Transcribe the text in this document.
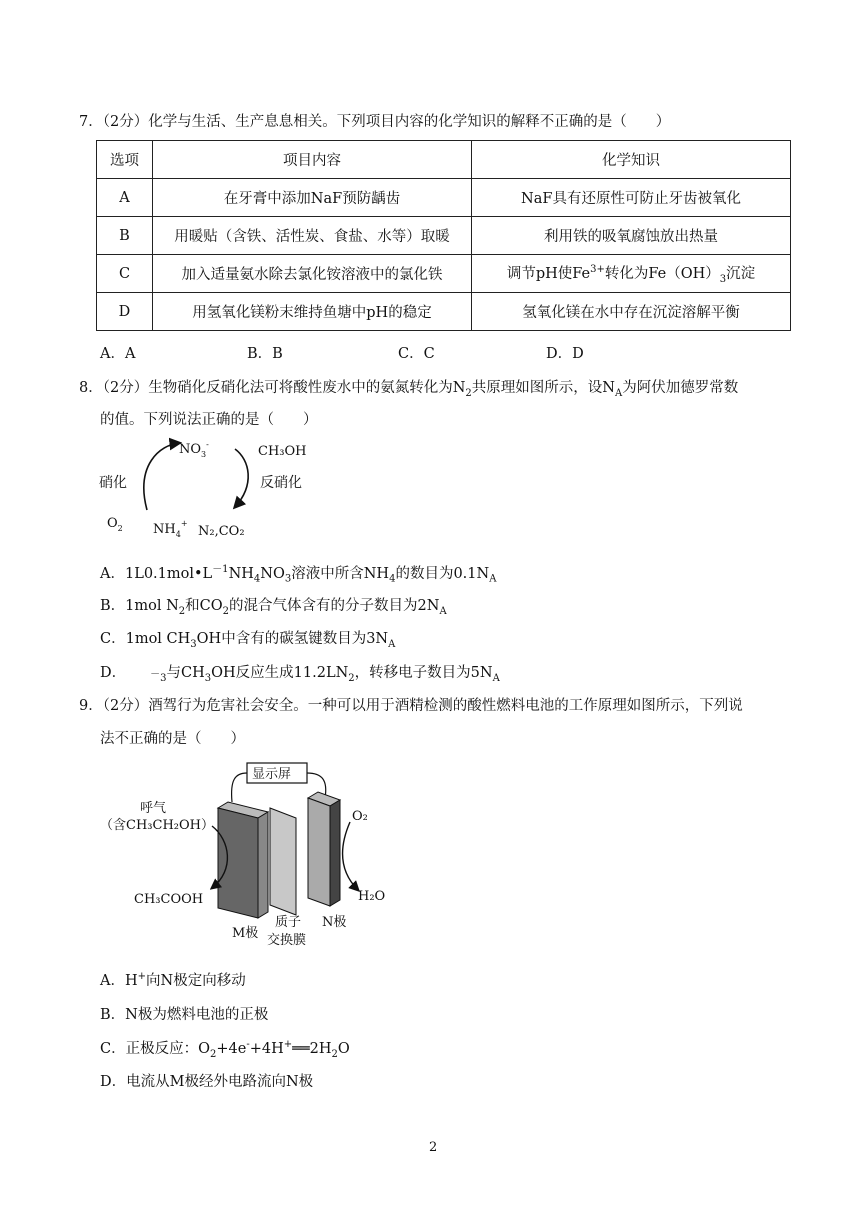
7．（2分）化学与生活、生产息息相关。下列项目内容的化学知识的解释不正确的是（　　）
选项	项目内容	化学知识
A	在牙膏中添加NaF预防龋齿	NaF具有还原性可防止牙齿被氧化
B	用暖贴（含铁、活性炭、食盐、水等）取暖	利用铁的吸氧腐蚀放出热量
C	加入适量氨水除去氯化铵溶液中的氯化铁	调节pH使$Fe^{3+}$转化为$Fe(OH)_3$沉淀
D	用氢氧化镁粉末维持鱼塘中pH的稳定	氢氧化镁在水中存在沉淀溶解平衡
A．A	B．B	C．C	D．D
8．（2分）生物硝化反硝化法可将酸性废水中的氨氮转化为$N_2$共原理如图所示，设$N_A$为阿伏加德罗常数
的值。下列说法正确的是（　　）
$NO_3^-$	CH₃OH
硝化	反硝化
$O_2$ $NH_4^+$
N₂,CO₂
A．$1L0.1mol•L^{-1}NH_4NO_3$溶液中所含$NH_4$的数目为$0.1N_A$
B．1mol $N_2$和$CO_2$的混合气体含有的分子数目为$2N_A$
C．1mol $CH_3OH$中含有的碳氢键数目为$3N_A$
D． $-_3$与$CH_3OH$反应生成$11.2LN_2$，转移电子数目为$5N_A$
9．（2分）酒驾行为危害社会安全。一种可以用于酒精检测的酸性燃料电池的工作原理如图所示，下列说
法不正确的是（　　）
显示屏
呼气
（含CH₃CH₂OH）
O₂
CH₃COOH	H₂O
M极
质子
交换膜
N极
A．H+向N极定向移动
B．N极为燃料电池的正极
C．正极反应：$O_2+4e^-+4H^+══2H_2O$
D．电流从M极经外电路流向N极
2
